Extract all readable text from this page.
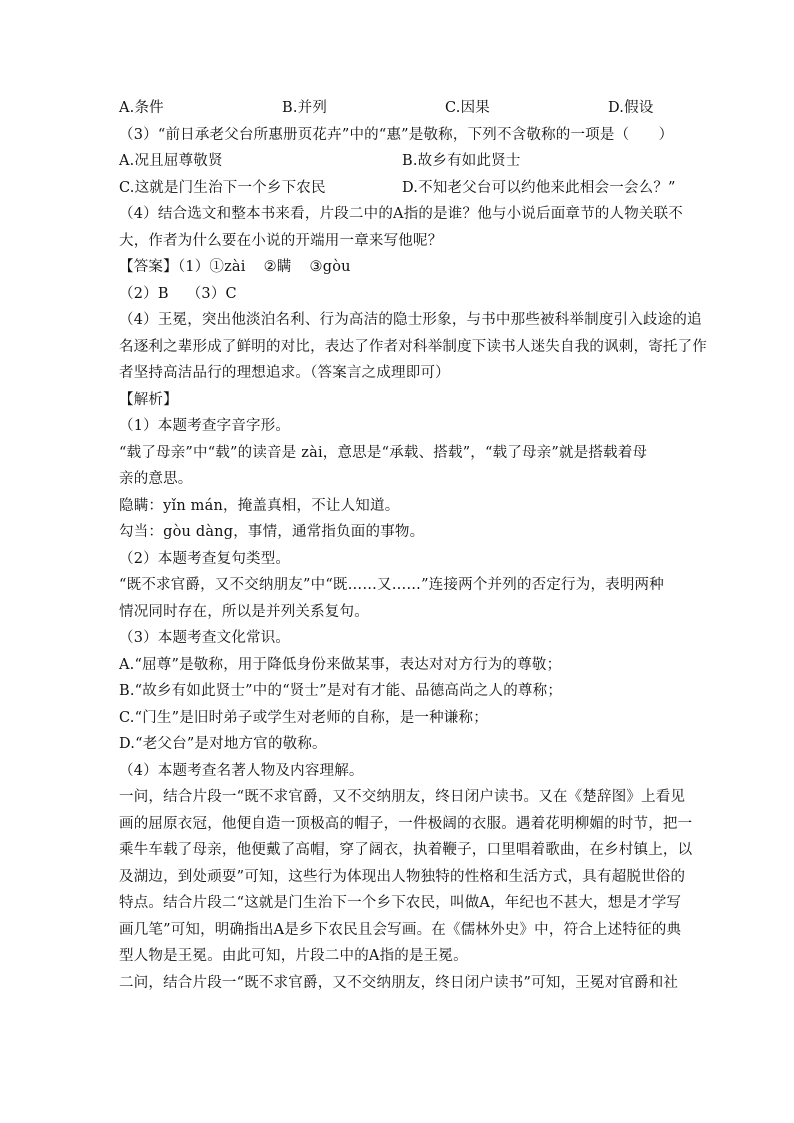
A.条件	B.并列	C.因果	D.假设
（3）“前日承老父台所惠册页花卉”中的“惠”是敬称，下列不含敬称的一项是（　　）
A.况且屈尊敬贤	B.故乡有如此贤士
C.这就是门生治下一个乡下农民	D.不知老父台可以约他来此相会一会么？”
（4）结合选文和整本书来看，片段二中的A指的是谁？他与小说后面章节的人物关联不
大，作者为什么要在小说的开端用一章来写他呢？
【答案】（1）①zài ②瞒 ③gòu
（2）B （3）C
（4）王冕，突出他淡泊名利、行为高洁的隐士形象，与书中那些被科举制度引入歧途的追
名逐利之辈形成了鲜明的对比，表达了作者对科举制度下读书人迷失自我的讽刺，寄托了作
者坚持高洁品行的理想追求。（答案言之成理即可）
【解析】
（1）本题考查字音字形。
“载了母亲”中“载”的读音是 zài，意思是“承载、搭载”，“载了母亲”就是搭载着母
亲的意思。
隐瞒：yǐn mán，掩盖真相，不让人知道。
勾当：gòu dàng，事情，通常指负面的事物。
（2）本题考查复句类型。
“既不求官爵，又不交纳朋友”中“既……又……”连接两个并列的否定行为，表明两种
情况同时存在，所以是并列关系复句。
（3）本题考查文化常识。
A.“屈尊”是敬称，用于降低身份来做某事，表达对对方行为的尊敬；
B.“故乡有如此贤士”中的“贤士”是对有才能、品德高尚之人的尊称；
C.“门生”是旧时弟子或学生对老师的自称，是一种谦称；
D.“老父台”是对地方官的敬称。
（4）本题考查名著人物及内容理解。
一问，结合片段一“既不求官爵，又不交纳朋友，终日闭户读书。又在《楚辞图》上看见
画的屈原衣冠，他便自造一顶极高的帽子，一件极阔的衣服。遇着花明柳媚的时节，把一
乘牛车载了母亲，他便戴了高帽，穿了阔衣，执着鞭子，口里唱着歌曲，在乡村镇上，以
及湖边，到处顽耍”可知，这些行为体现出人物独特的性格和生活方式，具有超脱世俗的
特点。结合片段二“这就是门生治下一个乡下农民，叫做A，年纪也不甚大，想是才学写
画几笔”可知，明确指出A是乡下农民且会写画。在《儒林外史》中，符合上述特征的典
型人物是王冕。由此可知，片段二中的A指的是王冕。
二问，结合片段一“既不求官爵，又不交纳朋友，终日闭户读书”可知，王冕对官爵和社
